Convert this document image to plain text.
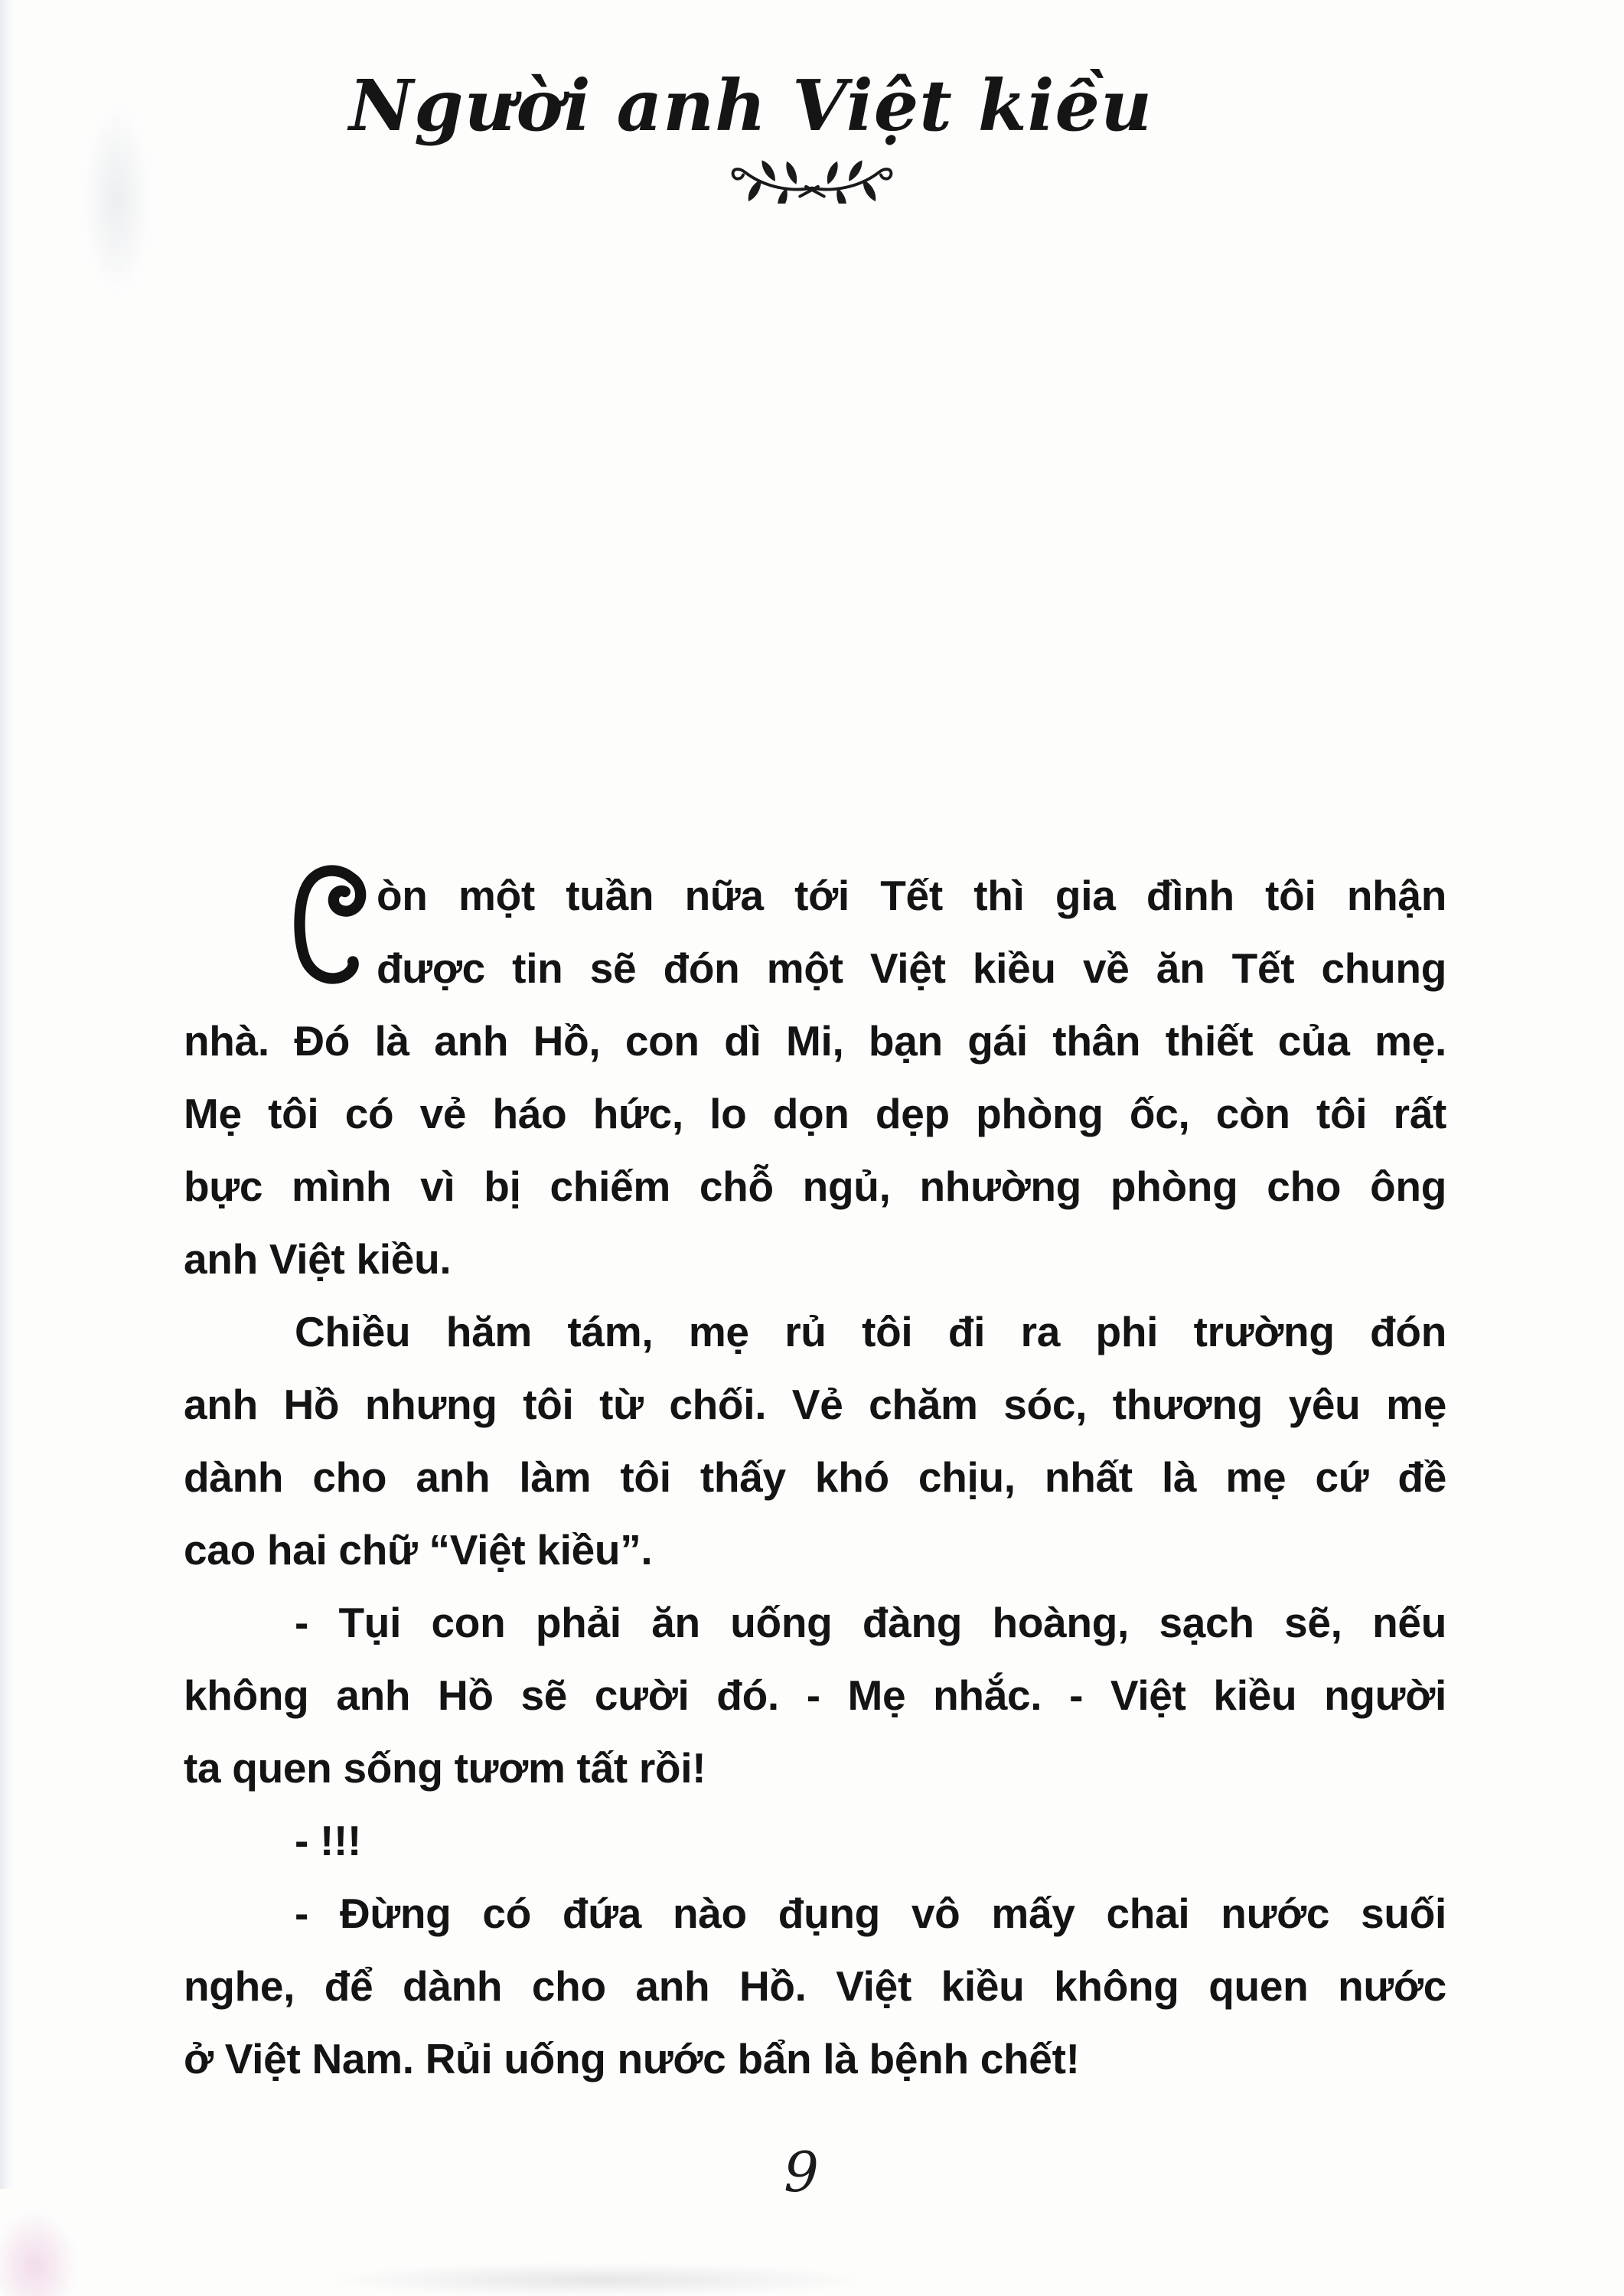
Người anh Việt kiều
òn một tuần nữa tới Tết thì gia đình tôi nhận
được tin sẽ đón một Việt kiều về ăn Tết chung
nhà. Đó là anh Hồ, con dì Mi, bạn gái thân thiết của mẹ.
Mẹ tôi có vẻ háo hức, lo dọn dẹp phòng ốc, còn tôi rất
bực mình vì bị chiếm chỗ ngủ, nhường phòng cho ông
anh Việt kiều.
Chiều hăm tám, mẹ rủ tôi đi ra phi trường đón
anh Hồ nhưng tôi từ chối. Vẻ chăm sóc, thương yêu mẹ
dành cho anh làm tôi thấy khó chịu, nhất là mẹ cứ đề
cao hai chữ “Việt kiều”.
- Tụi con phải ăn uống đàng hoàng, sạch sẽ, nếu
không anh Hồ sẽ cười đó. - Mẹ nhắc. - Việt kiều người
ta quen sống tươm tất rồi!
- !!!
- Đừng có đứa nào đụng vô mấy chai nước suối
nghe, để dành cho anh Hồ. Việt kiều không quen nước
ở Việt Nam. Rủi uống nước bẩn là bệnh chết!
9
